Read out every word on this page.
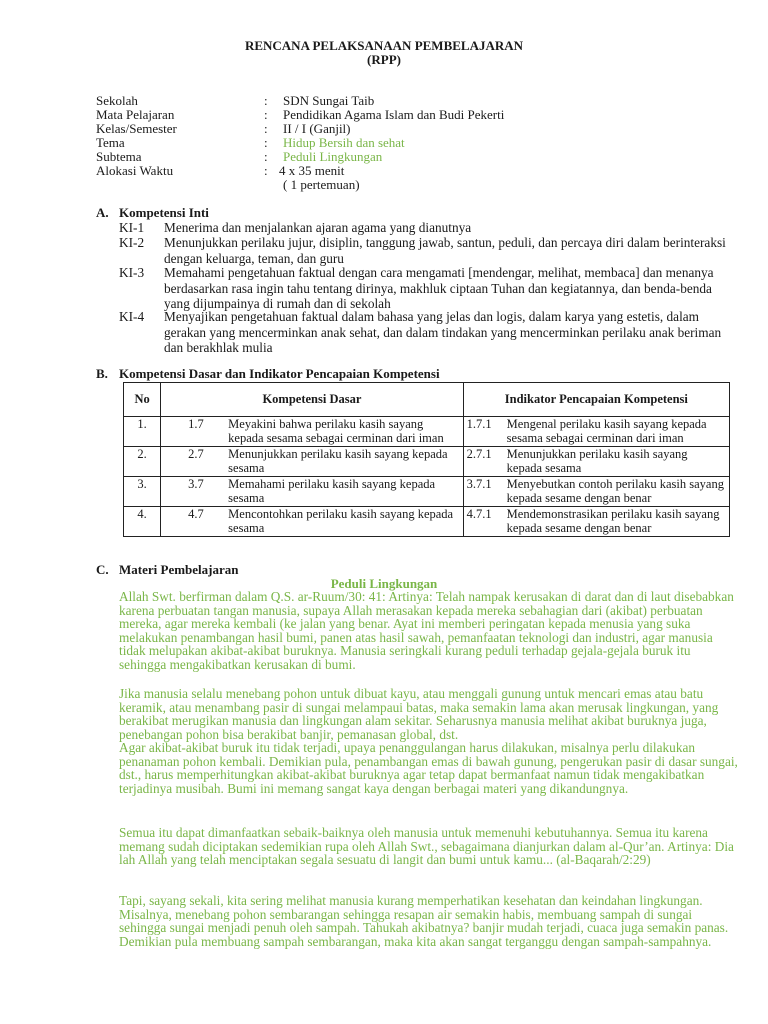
RENCANA PELAKSANAAN PEMBELAJARAN
(RPP)
Sekolah	: SDN Sungai Taib
Mata Pelajaran	: Pendidikan Agama Islam dan Budi Pekerti
Kelas/Semester	: II / I (Ganjil)
Tema	: Hidup Bersih dan sehat
Subtema	: Peduli Lingkungan
Alokasi Waktu	: 4 x 35 menit
( 1 pertemuan)
A. Kompetensi Inti
KI-1 Menerima dan menjalankan ajaran agama yang dianutnya
KI-2 Menunjukkan perilaku jujur, disiplin, tanggung jawab, santun, peduli, dan percaya diri dalam berinteraksi dengan keluarga, teman, dan guru
KI-3 Memahami pengetahuan faktual dengan cara mengamati [mendengar, melihat, membaca] dan menanya berdasarkan rasa ingin tahu tentang dirinya, makhluk ciptaan Tuhan dan kegiatannya, dan benda-benda yang dijumpainya di rumah dan di sekolah
KI-4 Menyajikan pengetahuan faktual dalam bahasa yang jelas dan logis, dalam karya yang estetis, dalam gerakan yang mencerminkan anak sehat, dan dalam tindakan yang mencerminkan perilaku anak beriman dan berakhlak mulia
B. Kompetensi Dasar dan Indikator Pencapaian Kompetensi
No	Kompetensi Dasar	Indikator Pencapaian Kompetensi
1.	1.7 Meyakini bahwa perilaku kasih sayang kepada sesama sebagai cerminan dari iman	1.7.1 Mengenal perilaku kasih sayang kepada sesama sebagai cerminan dari iman

2.	2.7 Menunjukkan perilaku kasih sayang kepada sesama	2.7.1 Menunjukkan perilaku kasih sayang kepada sesama

3.	3.7 Memahami perilaku kasih sayang kepada sesama	3.7.1 Menyebutkan contoh perilaku kasih sayang kepada sesame dengan benar

4.	4.7 Mencontohkan perilaku kasih sayang kepada sesama	4.7.1 Mendemonstrasikan perilaku kasih sayang kepada sesame dengan benar
C. Materi Pembelajaran
Peduli Lingkungan
Allah Swt. berfirman dalam Q.S. ar-Ruum/30: 41: Artinya: Telah nampak kerusakan di darat dan di laut disebabkan karena perbuatan tangan manusia, supaya Allah merasakan kepada mereka sebahagian dari (akibat) perbuatan mereka, agar mereka kembali (ke jalan yang benar. Ayat ini memberi peringatan kepada menusia yang suka melakukan penambangan hasil bumi, panen atas hasil sawah, pemanfaatan teknologi dan industri, agar manusia tidak melupakan akibat-akibat buruknya. Manusia seringkali kurang peduli terhadap gejala-gejala buruk itu sehingga mengakibatkan kerusakan di bumi.
Jika manusia selalu menebang pohon untuk dibuat kayu, atau menggali gunung untuk mencari emas atau batu keramik, atau menambang pasir di sungai melampaui batas, maka semakin lama akan merusak lingkungan, yang berakibat merugikan manusia dan lingkungan alam sekitar. Seharusnya manusia melihat akibat buruknya juga, penebangan pohon bisa berakibat banjir, pemanasan global, dst.
Agar akibat-akibat buruk itu tidak terjadi, upaya penanggulangan harus dilakukan, misalnya perlu dilakukan penanaman pohon kembali. Demikian pula, penambangan emas di bawah gunung, pengerukan pasir di dasar sungai, dst., harus memperhitungkan akibat-akibat buruknya agar tetap dapat bermanfaat namun tidak mengakibatkan terjadinya musibah. Bumi ini memang sangat kaya dengan berbagai materi yang dikandungnya.
Semua itu dapat dimanfaatkan sebaik-baiknya oleh manusia untuk memenuhi kebutuhannya. Semua itu karena memang sudah diciptakan sedemikian rupa oleh Allah Swt., sebagaimana dianjurkan dalam al-Qur’an. Artinya: Dia lah Allah yang telah menciptakan segala sesuatu di langit dan bumi untuk kamu... (al-Baqarah/2:29)
Tapi, sayang sekali, kita sering melihat manusia kurang memperhatikan kesehatan dan keindahan lingkungan. Misalnya, menebang pohon sembarangan sehingga resapan air semakin habis, membuang sampah di sungai sehingga sungai menjadi penuh oleh sampah. Tahukah akibatnya? banjir mudah terjadi, cuaca juga semakin panas. Demikian pula membuang sampah sembarangan, maka kita akan sangat terganggu dengan sampah-sampahnya.
